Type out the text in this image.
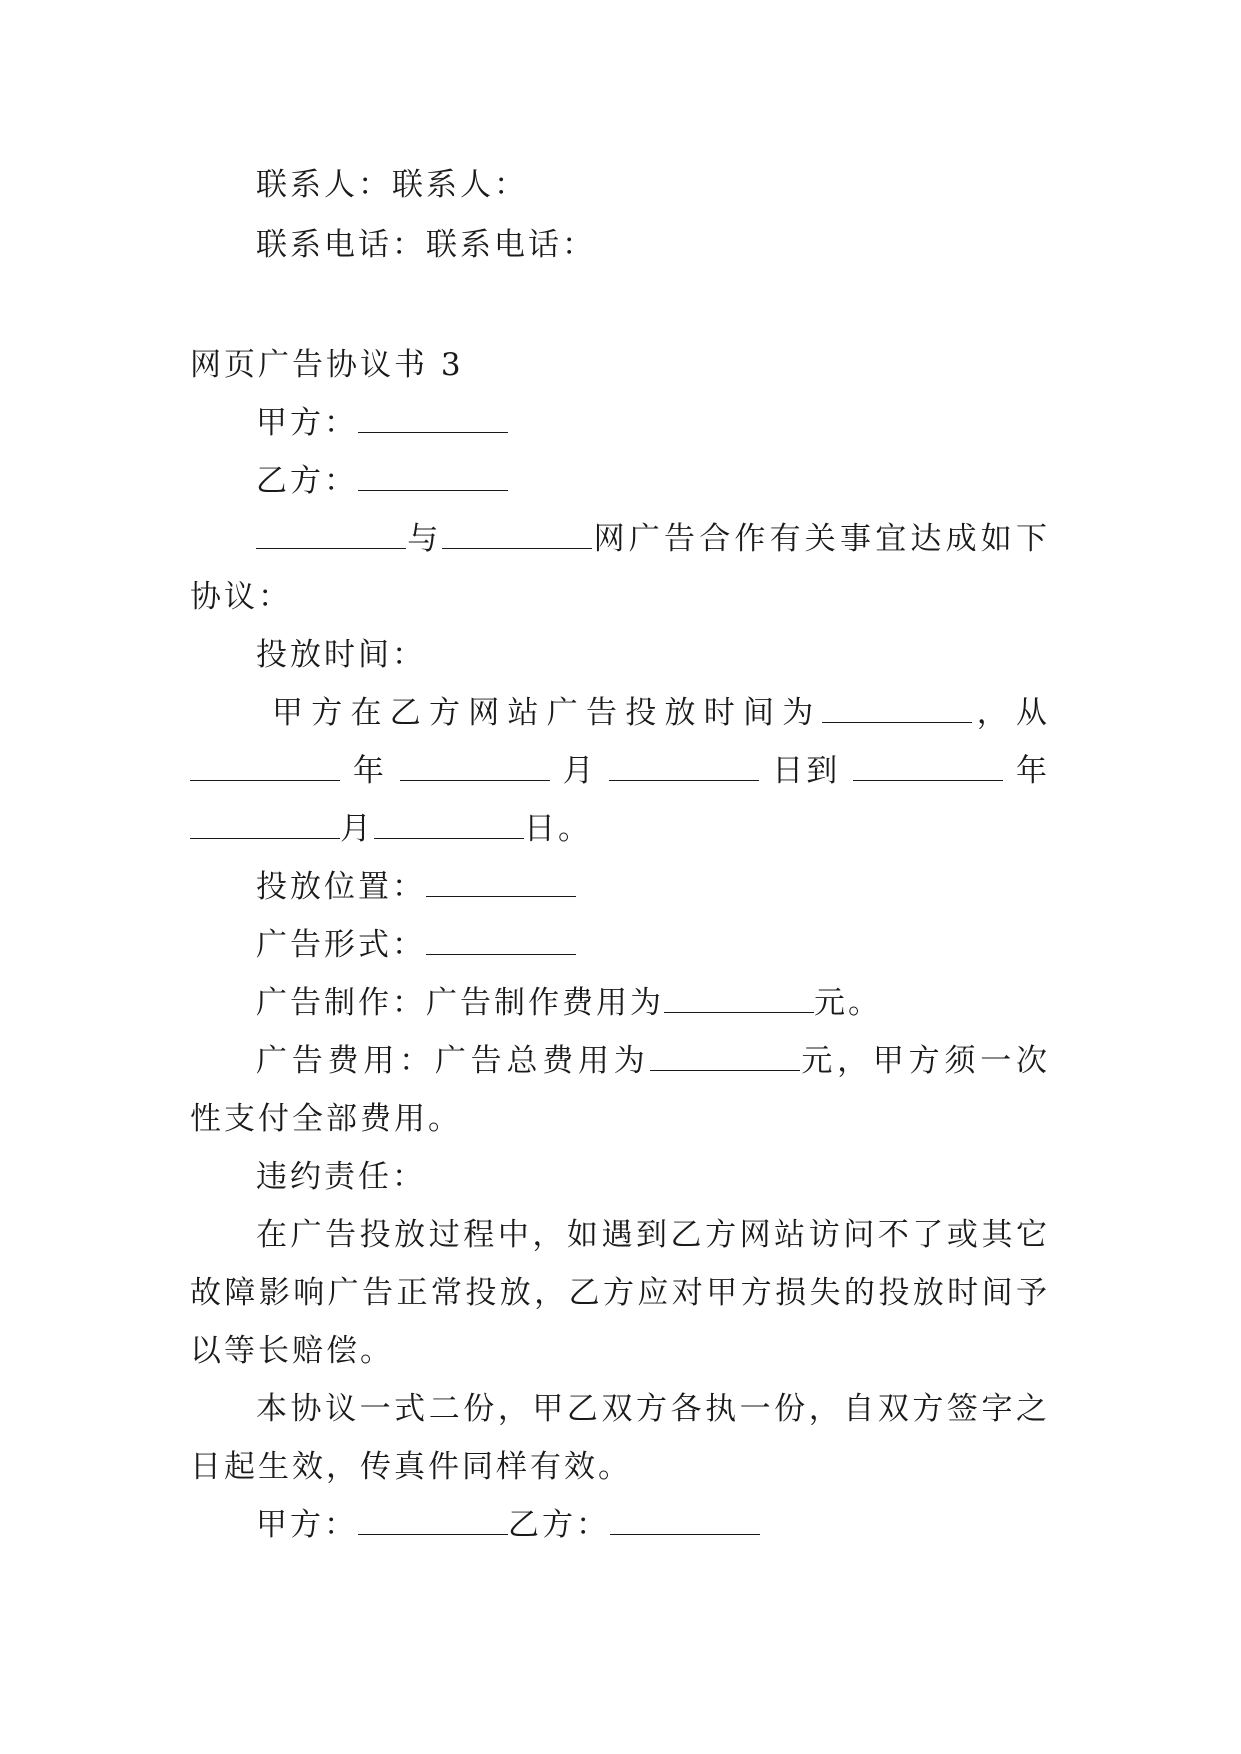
联系人：联系人：

联系电话：联系电话：

网页广告协议书 3

甲方：

乙方：

与	网广告合作有关事宜达成如下协议：

投放时间：

甲方在乙方网站广告投放时间为	，从

年	月	日到	年

月	日。

投放位置：

广告形式：

广告制作：广告制作费用为	元。

广告费用：广告总费用为	元，甲方须一次性支付全部费用。

违约责任：

在广告投放过程中，如遇到乙方网站访问不了或其它故障影响广告正常投放，乙方应对甲方损失的投放时间予以等长赔偿。

本协议一式二份，甲乙双方各执一份，自双方签字之日起生效，传真件同样有效。

甲方：	乙方：
